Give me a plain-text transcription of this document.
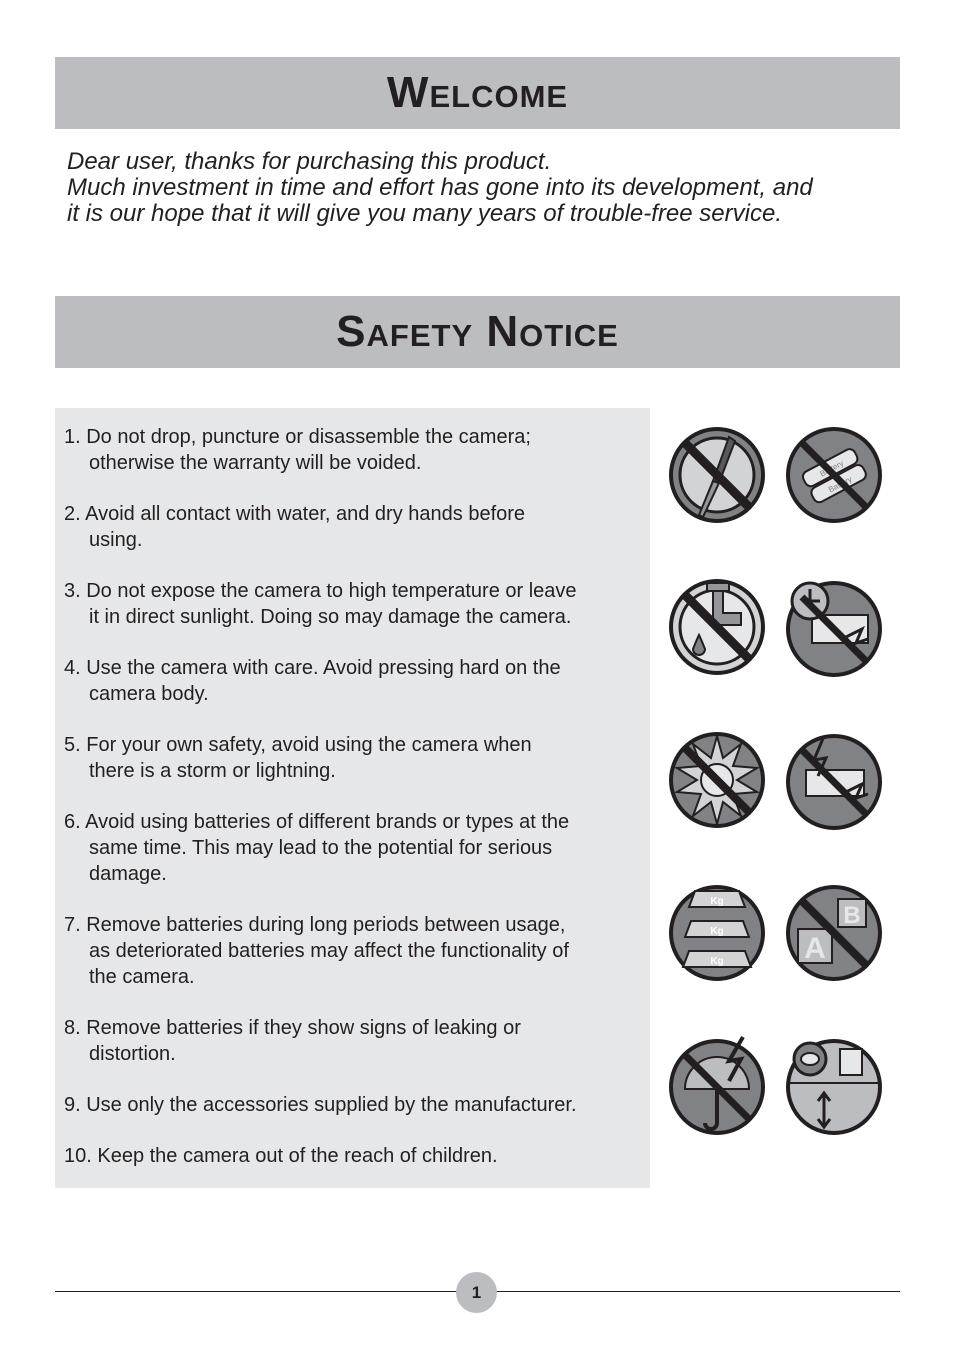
Welcome
Dear user, thanks for purchasing this product.
Much investment in time and effort has gone into its development, and
it is our hope that it will give you many years of trouble-free service.
Safety Notice
1. Do not drop, puncture or disassemble the camera;
otherwise the warranty will be voided.
2. Avoid all contact with water, and dry hands before
using.
3. Do not expose the camera to high temperature or leave
it in direct sunlight. Doing so may damage the camera.
4. Use the camera with care. Avoid pressing hard on the
camera body.
5. For your own safety, avoid using the camera when
there is a storm or lightning.
6. Avoid using batteries of different brands or types at the
same time. This may lead to the potential for serious
damage.
7. Remove batteries during long periods between usage,
as deteriorated batteries may affect the functionality of
the camera.
8. Remove batteries if they show signs of leaking or
distortion.
9. Use only the accessories supplied by the manufacturer.
10. Keep the camera out of the reach of children.
Kg
Kg
Kg
B
A
1
